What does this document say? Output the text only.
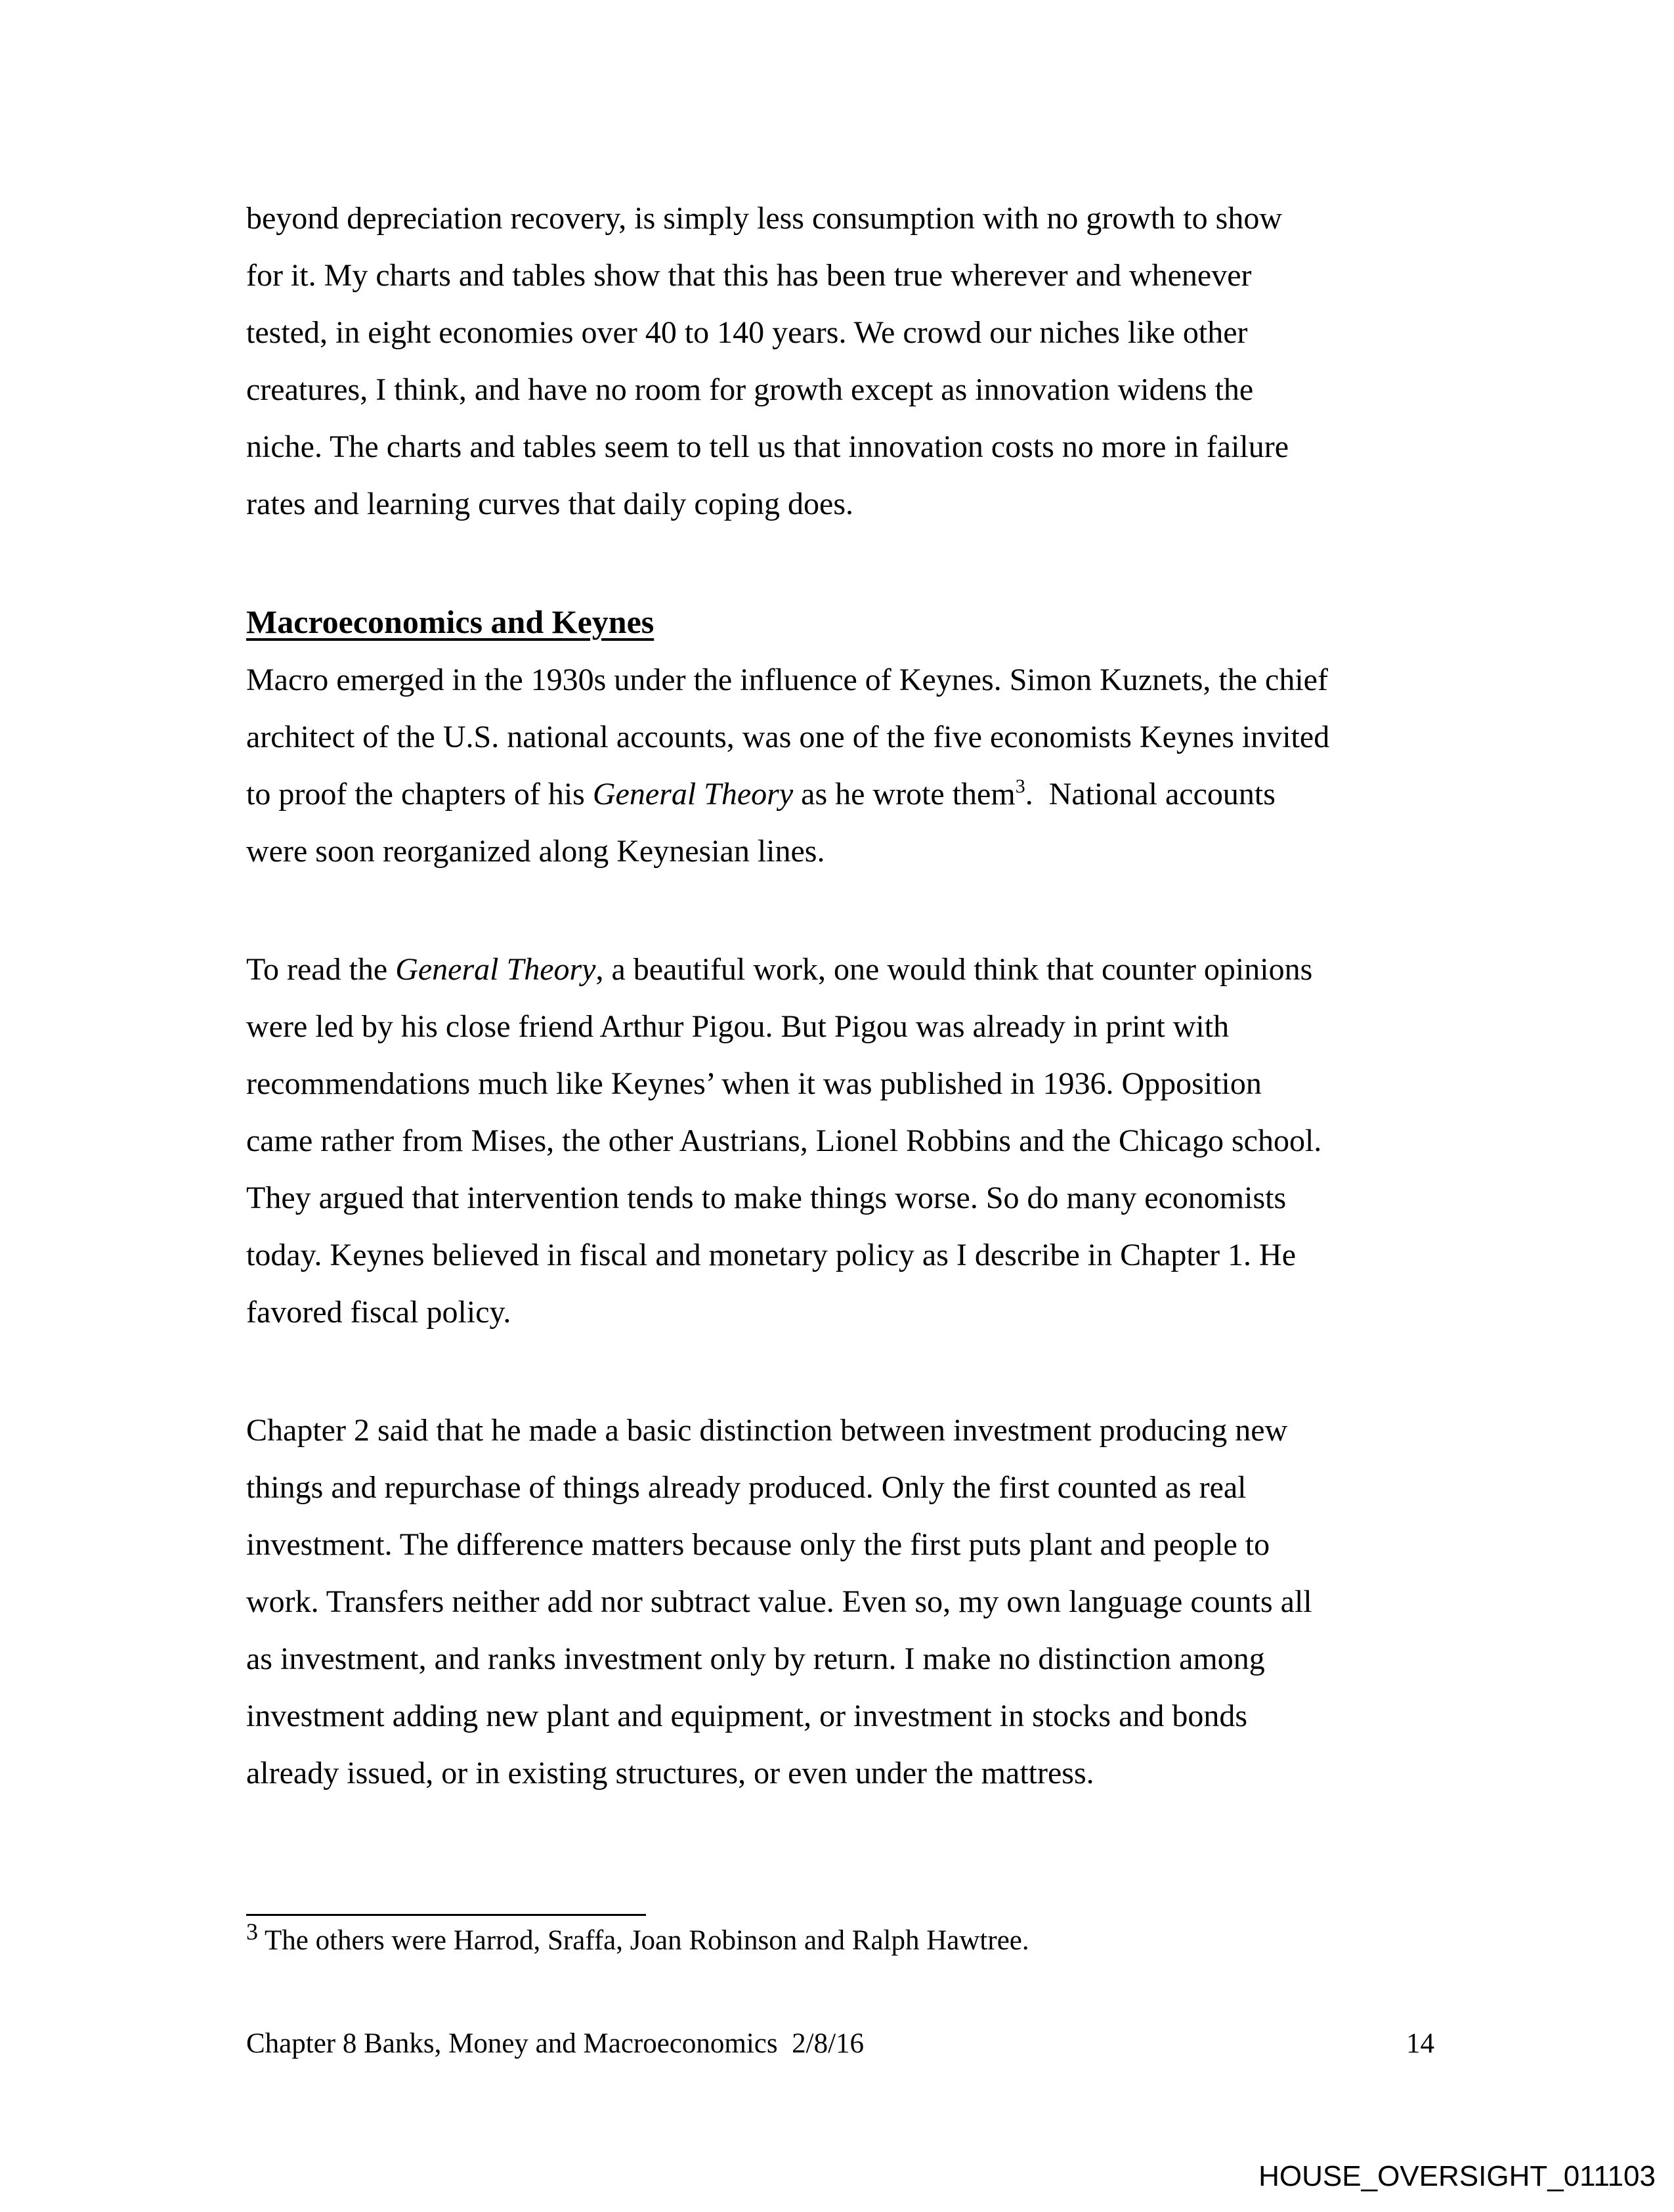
beyond depreciation recovery, is simply less consumption with no growth to show
for it. My charts and tables show that this has been true wherever and whenever
tested, in eight economies over 40 to 140 years. We crowd our niches like other
creatures, I think, and have no room for growth except as innovation widens the
niche. The charts and tables seem to tell us that innovation costs no more in failure
rates and learning curves that daily coping does.
Macroeconomics and Keynes
Macro emerged in the 1930s under the influence of Keynes. Simon Kuznets, the chief
architect of the U.S. national accounts, was one of the five economists Keynes invited
to proof the chapters of his General Theory as he wrote them$^3$.  National accounts
were soon reorganized along Keynesian lines.
To read the General Theory, a beautiful work, one would think that counter opinions
were led by his close friend Arthur Pigou. But Pigou was already in print with
recommendations much like Keynes’ when it was published in 1936. Opposition
came rather from Mises, the other Austrians, Lionel Robbins and the Chicago school.
They argued that intervention tends to make things worse. So do many economists
today. Keynes believed in fiscal and monetary policy as I describe in Chapter 1. He
favored fiscal policy.
Chapter 2 said that he made a basic distinction between investment producing new
things and repurchase of things already produced. Only the first counted as real
investment. The difference matters because only the first puts plant and people to
work. Transfers neither add nor subtract value. Even so, my own language counts all
as investment, and ranks investment only by return. I make no distinction among
investment adding new plant and equipment, or investment in stocks and bonds
already issued, or in existing structures, or even under the mattress.
$^3$ The others were Harrod, Sraffa, Joan Robinson and Ralph Hawtree.
Chapter 8 Banks, Money and Macroeconomics  2/8/16	14
HOUSE_OVERSIGHT_011103
